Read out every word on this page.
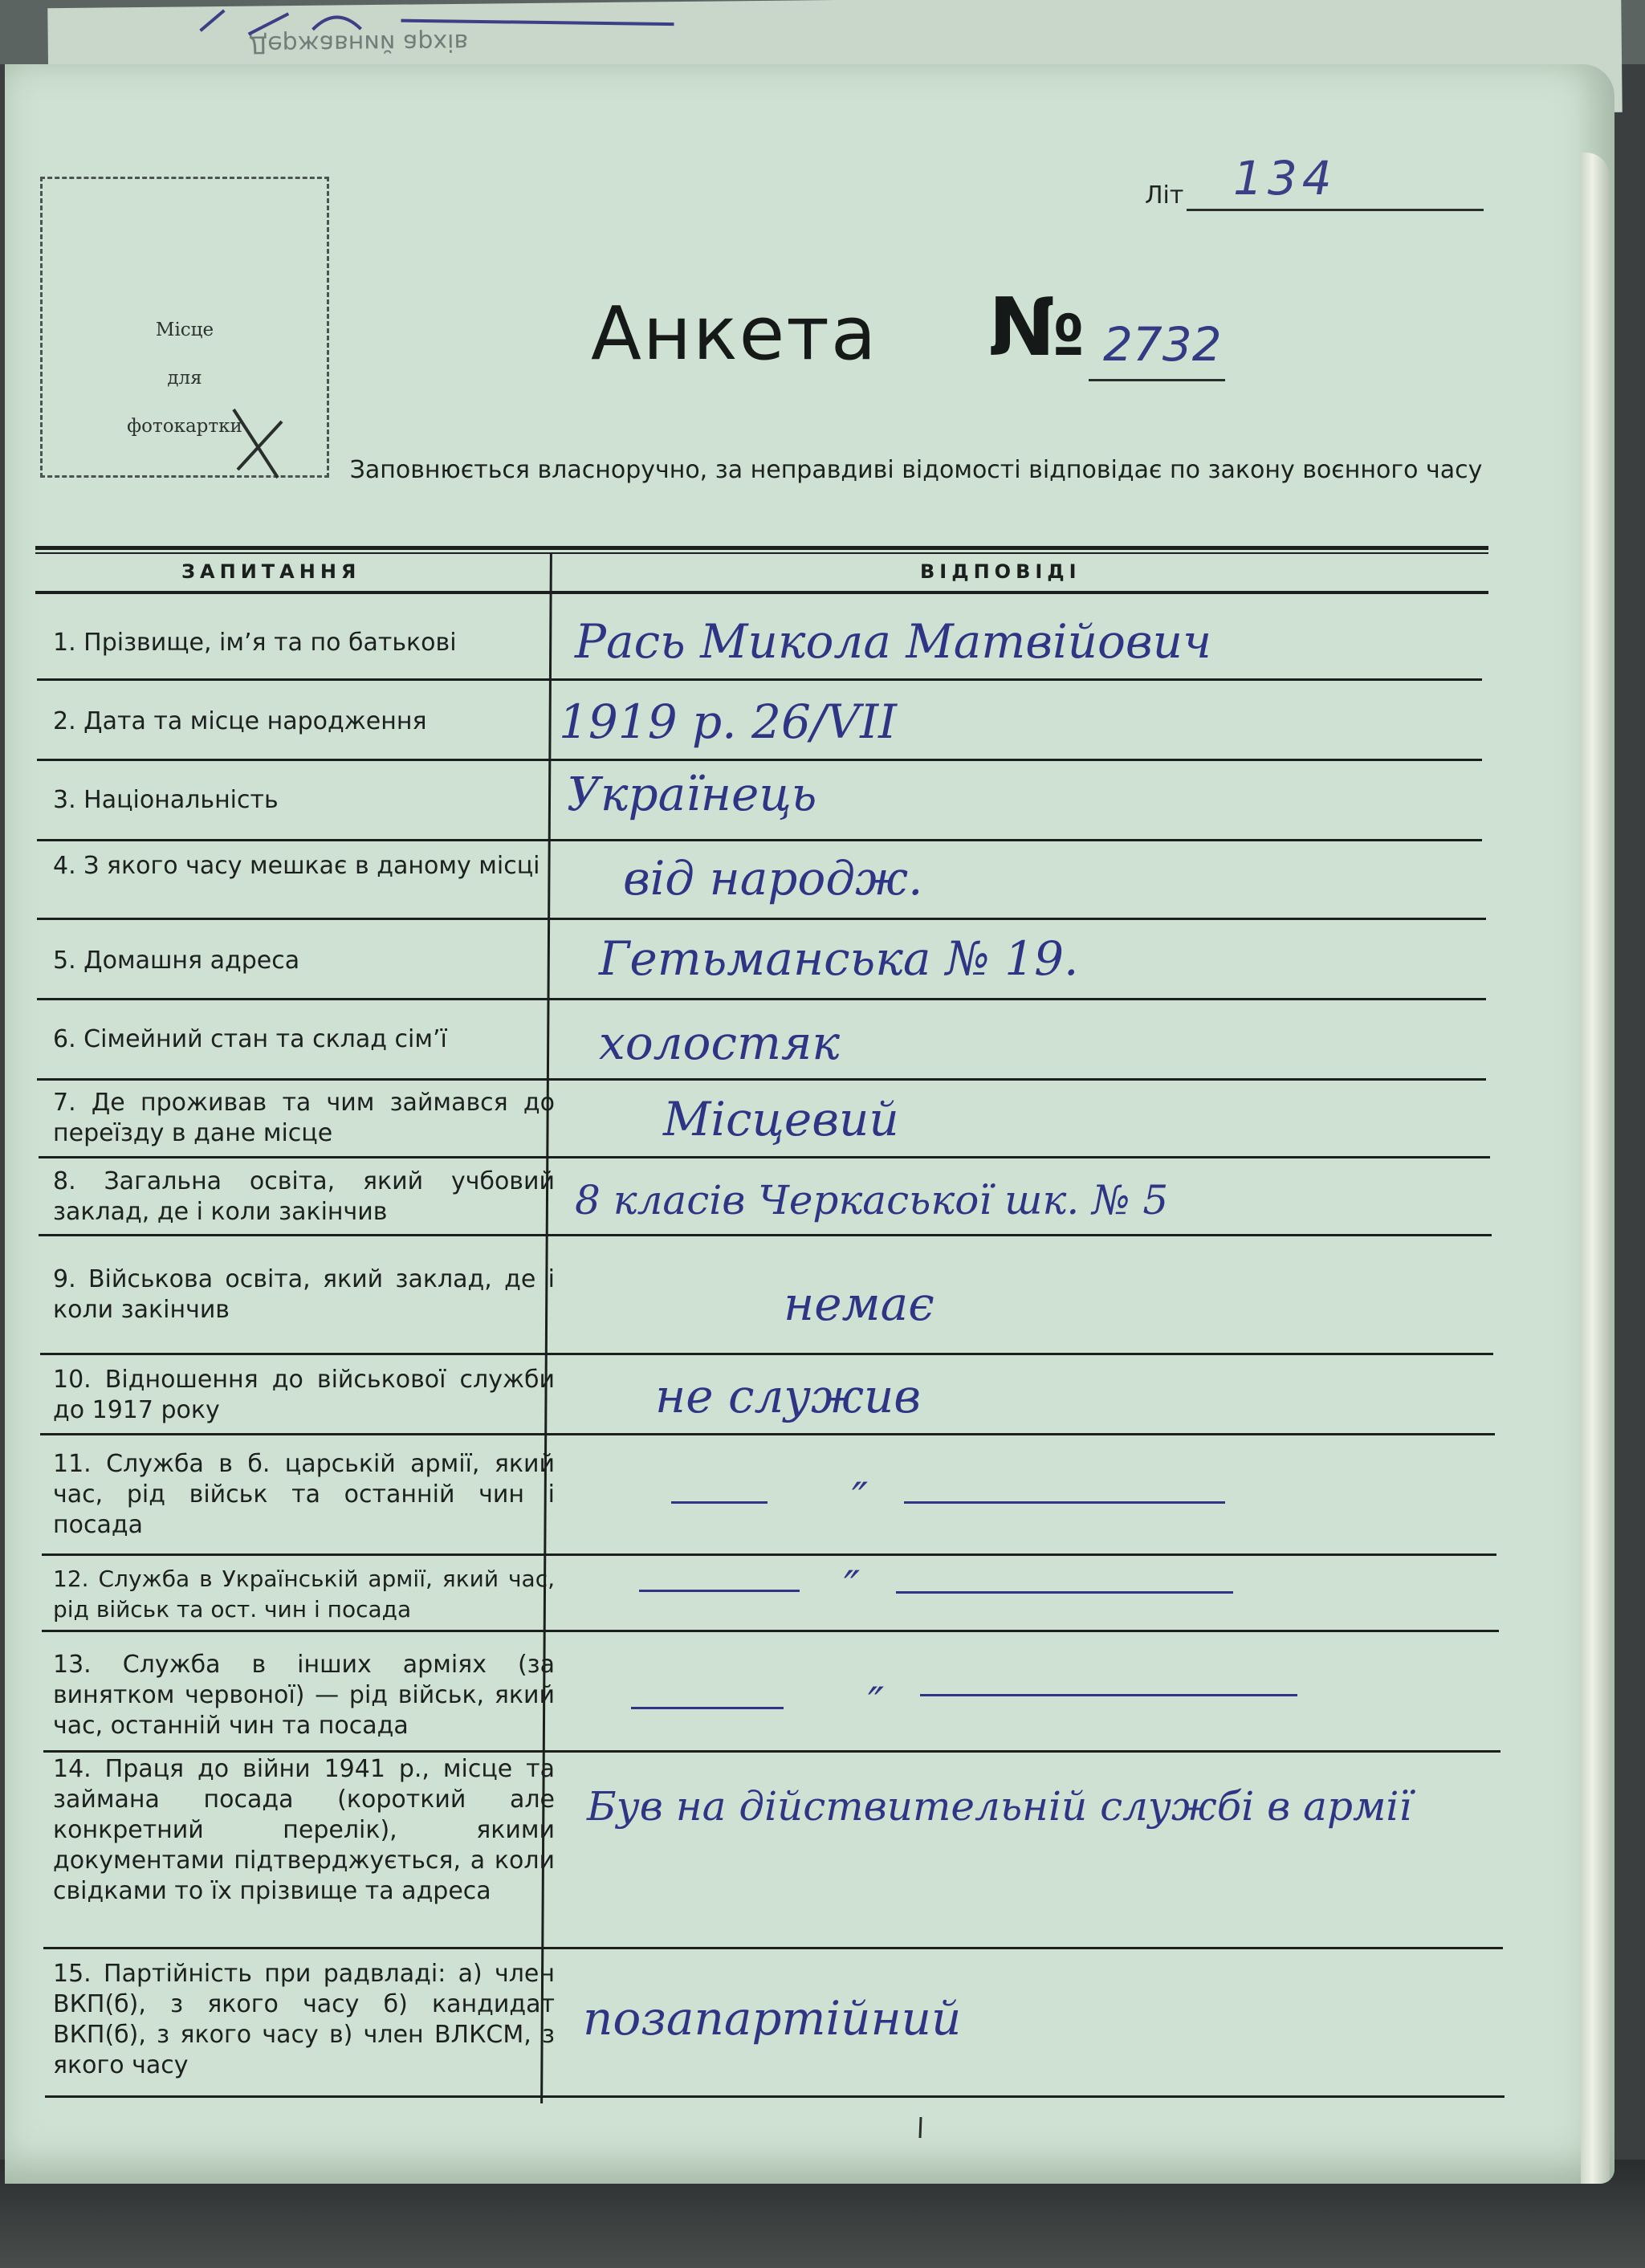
Державний архів
Місце
для
фотокартки
Літ 134
Анкета № 2732
Заповнюється власноручно, за неправдиві відомості відповідає по закону воєнного часу
ЗАПИТАННЯ	ВІДПОВІДІ
1. Прізвище, ім’я та по батькові
2. Дата та місце народження
3. Національність
4. З якого часу мешкає в даному місці
5. Домашня адреса
6. Сімейний стан та склад сім’ї
7. Де проживав та чим займався до переїзду в дане місце
8. Загальна освіта, який учбовий заклад, де і коли закінчив
9. Військова освіта, який заклад, де і коли закінчив
10. Відношення до військової служби до 1917 року
11. Служба в б. царській армії, який час, рід військ та останній чин і посада
12. Служба в Українській армії, який час, рід військ та ост. чин і посада
13. Служба в інших арміях (за винятком червоної) — рід військ, який час, останній чин та посада
14. Праця до війни 1941 р., місце та займана посада (короткий але конкретний перелік), якими документами підтверджується, а коли свідками то їх прізвище та адреса
15. Партійність при радвладі: а) член ВКП(б), з якого часу б) кандидат ВКП(б), з якого часу в) член ВЛКСМ, з якого часу
Рась Микола Матвійович
1919 р. 26/VII
Українець
від народж.
Гетьманська № 19.
холостяк
Місцевий
8 класів Черкаської шк. № 5
немає
не служив
″
″
″
Був на дійствительній службі в армії
позапартійний
